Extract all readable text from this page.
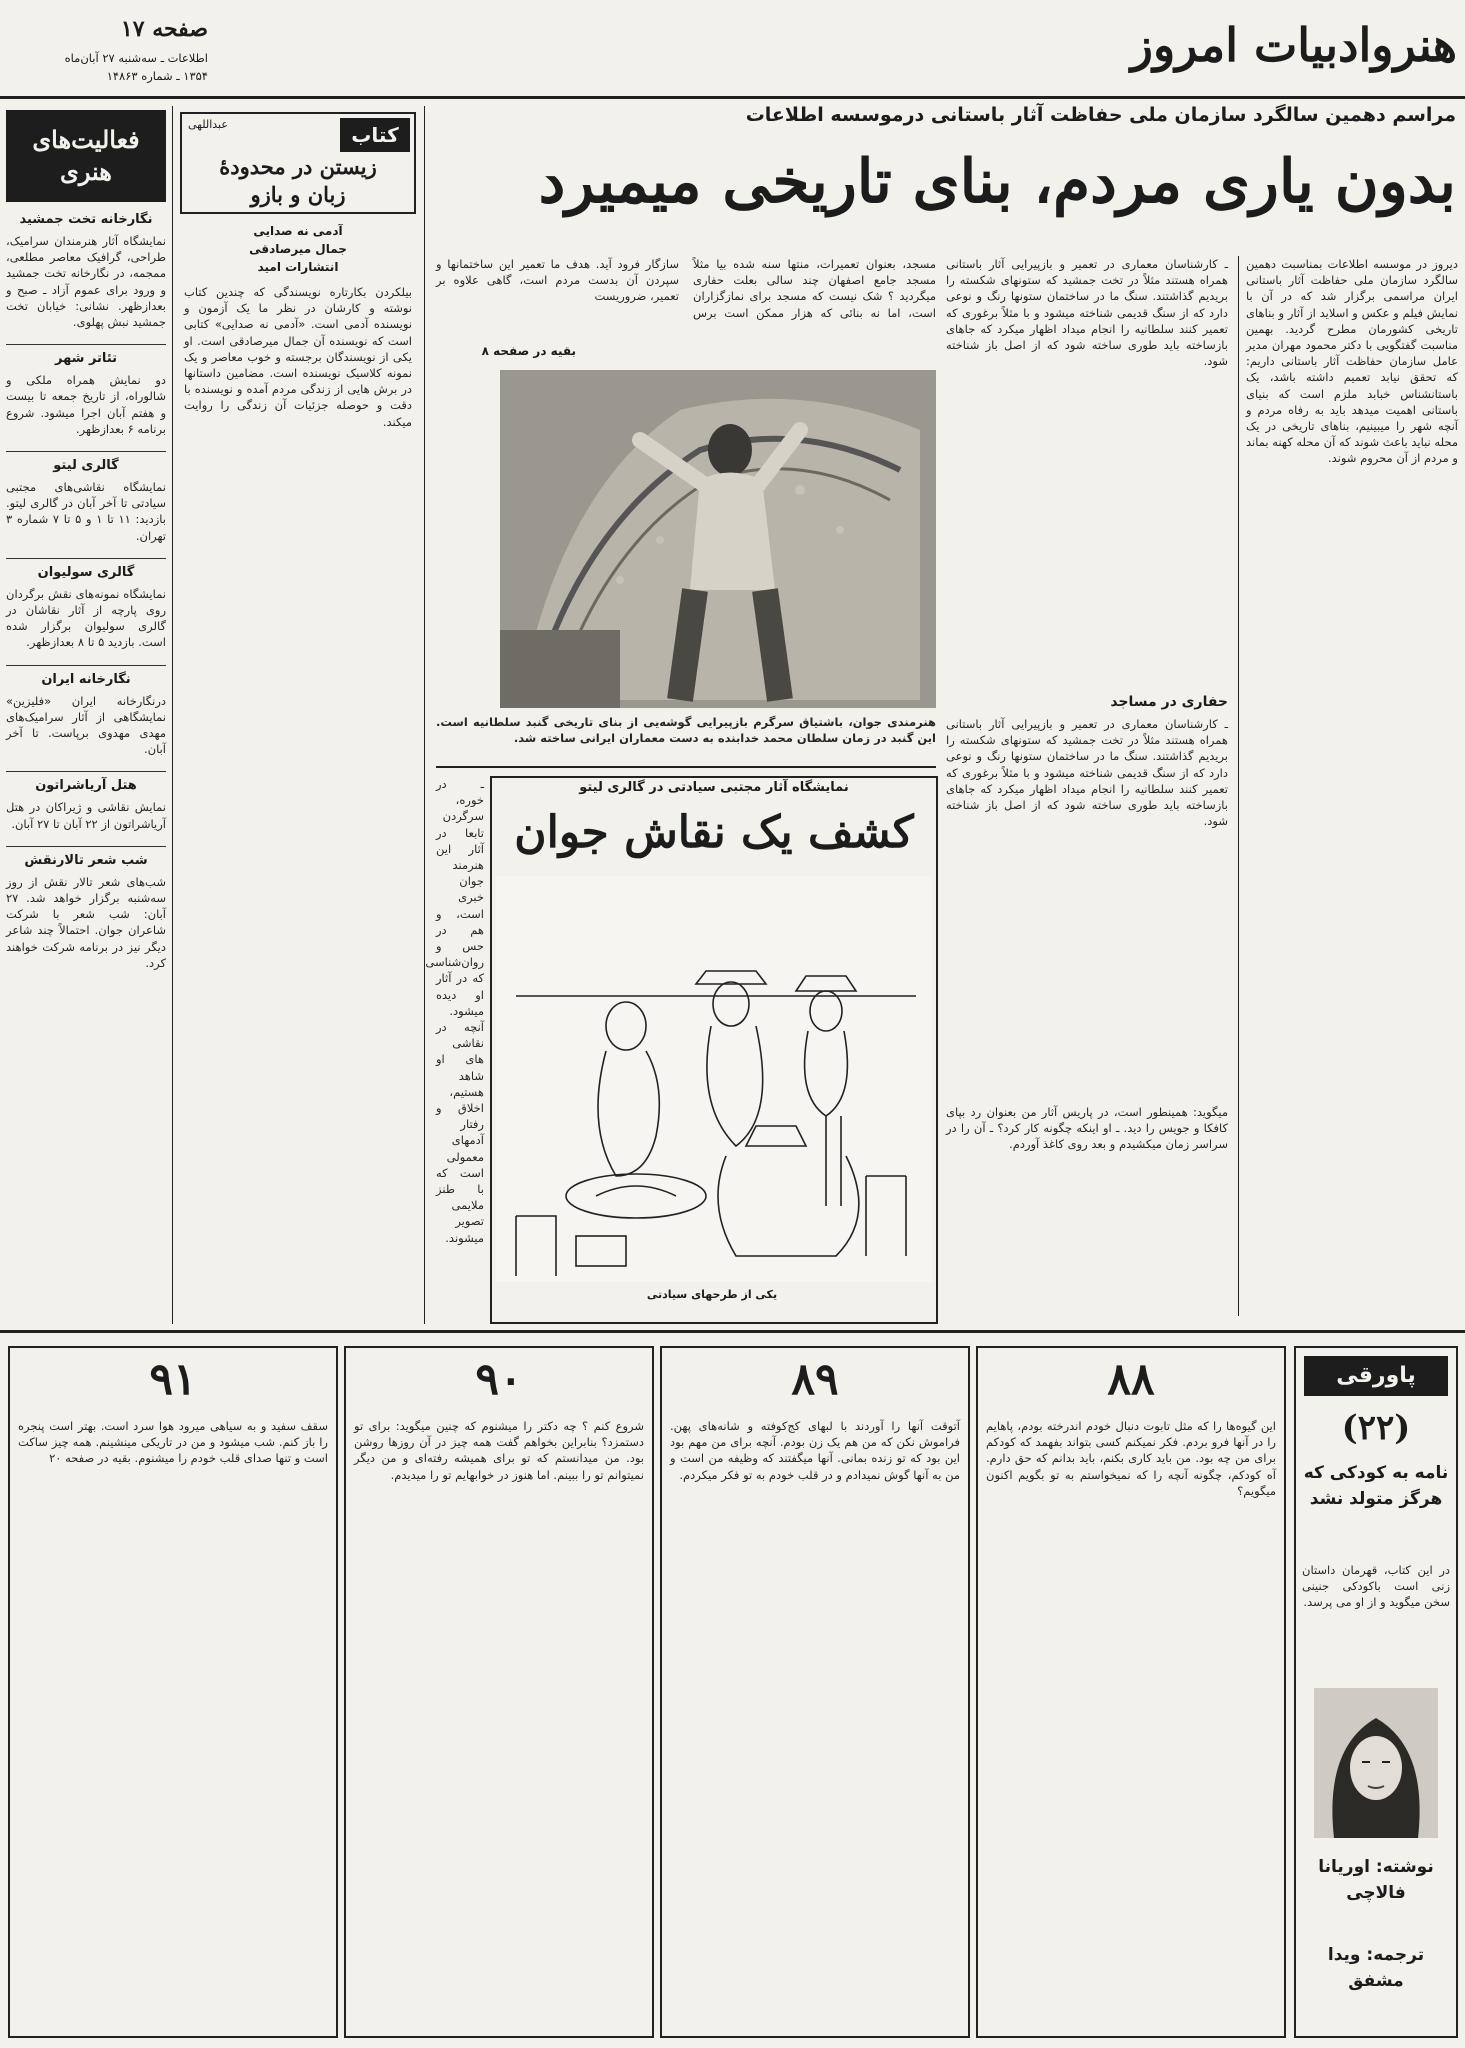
هنروادبیات امروز
صفحه ۱۷
اطلاعات ـ سه‌شنبه ۲۷ آبان‌ماه
۱۳۵۴ ـ شماره ۱۴۸۶۳
فعالیت‌های هنری
نگارخانه تخت جمشید
نمایشگاه آثار هنرمندان سرامیک، طراحی، گرافیک معاصر مطلعی، ممجمه، در نگارخانه تخت جمشید و ورود برای عموم آزاد ـ صبح و بعدازظهر. نشانی: خیابان تخت جمشید نبش پهلوی.
تئاتر شهر
دو نمایش همراه ملکی و شالوراه، از تاریخ جمعه تا بیست و هفتم آبان اجرا میشود. شروع برنامه ۶ بعدازظهر.
گالری لیتو
نمایشگاه نقاشی‌های مجتبی سیادتی تا آخر آبان در گالری لیتو. بازدید: ۱۱ تا ۱ و ۵ تا ۷ شماره ۳ تهران.
گالری سولیوان
نمایشگاه نمونه‌های نقش برگردان روی پارچه از آثار نقاشان در گالری سولیوان برگزار شده است. بازدید ۵ تا ۸ بعدازظهر.
نگارخانه ایران
درنگارخانه ایران «فلیزین» نمایشگاهی از آثار سرامیک‌های مهدی مهدوی برپاست. تا آخر آبان.
هتل آریاشراتون
نمایش نقاشی و ژیراکان در هتل آریاشراتون از ۲۲ آبان تا ۲۷ آبان.
شب شعر تالارنقش
شب‌های شعر تالار نقش از روز سه‌شنبه برگزار خواهد شد. ۲۷ آبان: شب شعر با شرکت شاعران جوان. احتمالاً چند شاعر دیگر نیز در برنامه شرکت خواهند کرد.
کتاب
عبداللهی
زیستن در محدودهٔ
زبان و بازو
آدمی نه صدایی
جمال میرصادقی
انتشارات امید
بیلکردن بکارتاره نویسندگی که چندین کتاب نوشته و کارشان در نظر ما یک آزمون و نویسنده آدمی است. «آدمی نه صدایی» کتابی است که نویسنده آن جمال میرصادقی است. او یکی از نویسندگان برجسته و خوب معاصر و یک نمونه کلاسیک نویسنده است. مضامین داستانها در برش هایی از زندگی مردم آمده و نویسنده با دقت و حوصله جزئیات آن زندگی را روایت میکند.
مراسم دهمین سالگرد سازمان ملی حفاظت آثار باستانی درموسسه اطلاعات
بدون یاری مردم، بنای تاریخی میمیرد
دیروز در موسسه اطلاعات بمناسبت دهمین سالگرد سازمان ملی حفاظت آثار باستانی ایران مراسمی برگزار شد که در آن با نمایش فیلم و عکس و اسلاید از آثار و بناهای تاریخی کشورمان مطرح گردید. بهمین مناسبت گفتگویی با دکتر محمود مهران مدیر عامل سازمان حفاظت آثار باستانی داریم: که تحقق نیابد تعمیم داشته باشد، یک باستانشناس خبابد ملزم است که بنیای باستانی اهمیت میدهد باید به رفاه مردم و آنچه شهر را میبینیم، بناهای تاریخی در یک محله نباید باعث شوند که آن محله کهنه بماند و مردم از آن محروم شوند.
ـ کارشناسان معماری در تعمیر و بازپیرایی آثار باستانی همراه هستند مثلاً در تخت جمشید که ستونهای شکسته را بریدیم گذاشتند. سنگ ما در ساختمان ستونها رنگ و نوعی دارد که از سنگ قدیمی شناخته میشود و با مثلاً برغوری که تعمیر کنند سلطانیه را انجام میداد اظهار میکرد که جاهای بازساخته باید طوری ساخته شود که از اصل باز شناخته شود.
حفاری در مساجد
ـ کارشناسان معماری در تعمیر و بازپیرایی آثار باستانی همراه هستند مثلاً در تخت جمشید که ستونهای شکسته را بریدیم گذاشتند. سنگ ما در ساختمان ستونها رنگ و نوعی دارد که از سنگ قدیمی شناخته میشود و با مثلاً برغوری که تعمیر کنند سلطانیه را انجام میداد اظهار میکرد که جاهای بازساخته باید طوری ساخته شود که از اصل باز شناخته شود.
مسجد، بعنوان تعمیرات، منتها سنه شده بیا مثلاً مسجد جامع اصفهان چند سالی بعلت حفاری میگردید ؟ شک نیست که مسجد برای نمازگزاران است، اما نه بنائی که هزار ممکن است برس سازگار فرود آید. هدف ما تعمیر این ساختمانها و سپردن آن بدست مردم است، گاهی علاوه بر تعمیر، ضروریست
بقیه در صفحه ۸
هنرمندی جوان، باشتیاق سرگرم بازپیرایی گوشه‌یی از بنای تاریخی گنبد سلطانیه است. این گنبد در زمان سلطان محمد خدابنده به دست معماران ایرانی ساخته شد.
نمایشگاه آثار مجتبی سیادتی در گالری لیتو
کشف یک نقاش جوان
یکی از طرحهای سیادتی
ـ در خوره، سرگردن تابعا در آثار این هنرمند جوان خبری است، و هم در حس و روان‌شناسی که در آثار او دیده میشود. آنچه در نقاشی های او شاهد هستیم، اخلاق و رفتار آدمهای معمولی است که با طنز ملایمی تصویر میشوند.
میگوید: همینطور است، در پاریس آثار من بعنوان رد بپای کافکا و جویس را دید. ـ او اینکه چگونه کار کرد؟ ـ آن را در سراسر زمان میکشیدم و بعد روی کاغذ آوردم.
پاورقی
(۲۲)
نامه به کودکی که هرگز متولد نشد
در این کتاب، قهرمان داستان زنی است باکودکی جنینی سخن میگوید و از او می پرسد.
نوشته: اوریانا فالاچی
ترجمه: ویدا مشفق
۸۸
این گیوه‌ها را که مثل تابوت دنبال خودم اندرخته بودم، پاهایم را در آنها فرو بردم. فکر نمیکنم کسی بتواند بفهمد که کودکم برای من چه بود. من باید کاری بکنم، باید بدانم که حق دارم. آه کودکم، چگونه آنچه را که نمیخواستم به تو بگویم اکنون میگویم؟
۸۹
آتوقت آنها را آوردند با لبهای کج‌کوفته و شانه‌های پهن. فراموش نکن که من هم یک زن بودم. آنچه برای من مهم بود این بود که تو زنده بمانی. آنها میگفتند که وظیفه من است و من به آنها گوش نمیدادم و در قلب خودم به تو فکر میکردم.
۹۰
شروع کنم ؟ چه دکتر را میشنوم که چنین میگوید: برای تو دستمزد؟ بنابراین بخواهم گفت همه چیز در آن روزها روشن بود. من میدانستم که تو برای همیشه رفته‌ای و من دیگر نمیتوانم تو را ببینم. اما هنوز در خوابهایم تو را میدیدم.
۹۱
سقف سفید و به سیاهی میرود هوا سرد است. بهتر است پنجره را باز کنم. شب میشود و من در تاریکی مینشینم. همه چیز ساکت است و تنها صدای قلب خودم را میشنوم. بقیه در صفحه ۲۰
